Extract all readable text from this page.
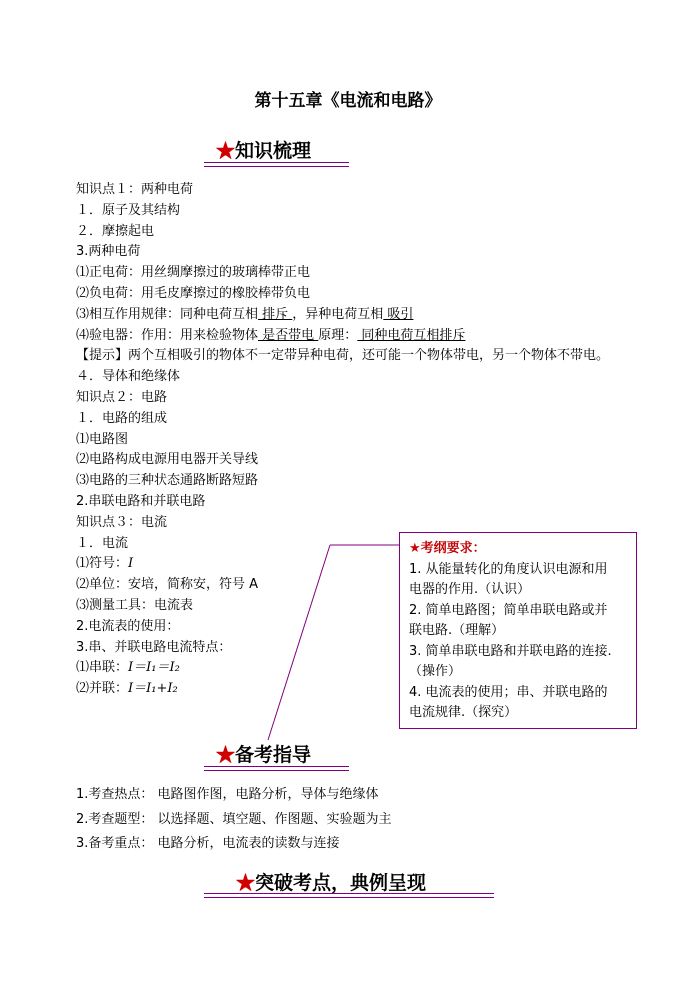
第十五章《电流和电路》
★知识梳理
知识点１：两种电荷
１．原子及其结构
２．摩擦起电
3.两种电荷
⑴正电荷：用丝绸摩擦过的玻璃棒带正电
⑵负电荷：用毛皮摩擦过的橡胶棒带负电
⑶相互作用规律：同种电荷互相 排斥 ，异种电荷互相 吸引
⑷验电器：作用：用来检验物体 是否带电 原理： 同种电荷互相排斥
【提示】两个互相吸引的物体不一定带异种电荷，还可能一个物体带电，另一个物体不带电。
４．导体和绝缘体
知识点２：电路
１．电路的组成
⑴电路图
⑵电路构成电源用电器开关导线
⑶电路的三种状态通路断路短路
2.串联电路和并联电路
知识点３：电流
１．电流
⑴符号：I
⑵单位：安培，简称安，符号 A
⑶测量工具：电流表
2.电流表的使用：
3.串、并联电路电流特点：
⑴串联：I＝I₁＝I₂
⑵并联：I＝I₁+I₂
★考纲要求：
1. 从能量转化的角度认识电源和用
电器的作用.（认识）
2. 简单电路图；简单串联电路或并
联电路.（理解）
3. 简单串联电路和并联电路的连接.
（操作）
4. 电流表的使用；串、并联电路的
电流规律.（探究）
★备考指导
1.考查热点： 电路图作图，电路分析，导体与绝缘体
2.考查题型： 以选择题、填空题、作图题、实验题为主
3.备考重点： 电路分析，电流表的读数与连接
★突破考点，典例呈现
